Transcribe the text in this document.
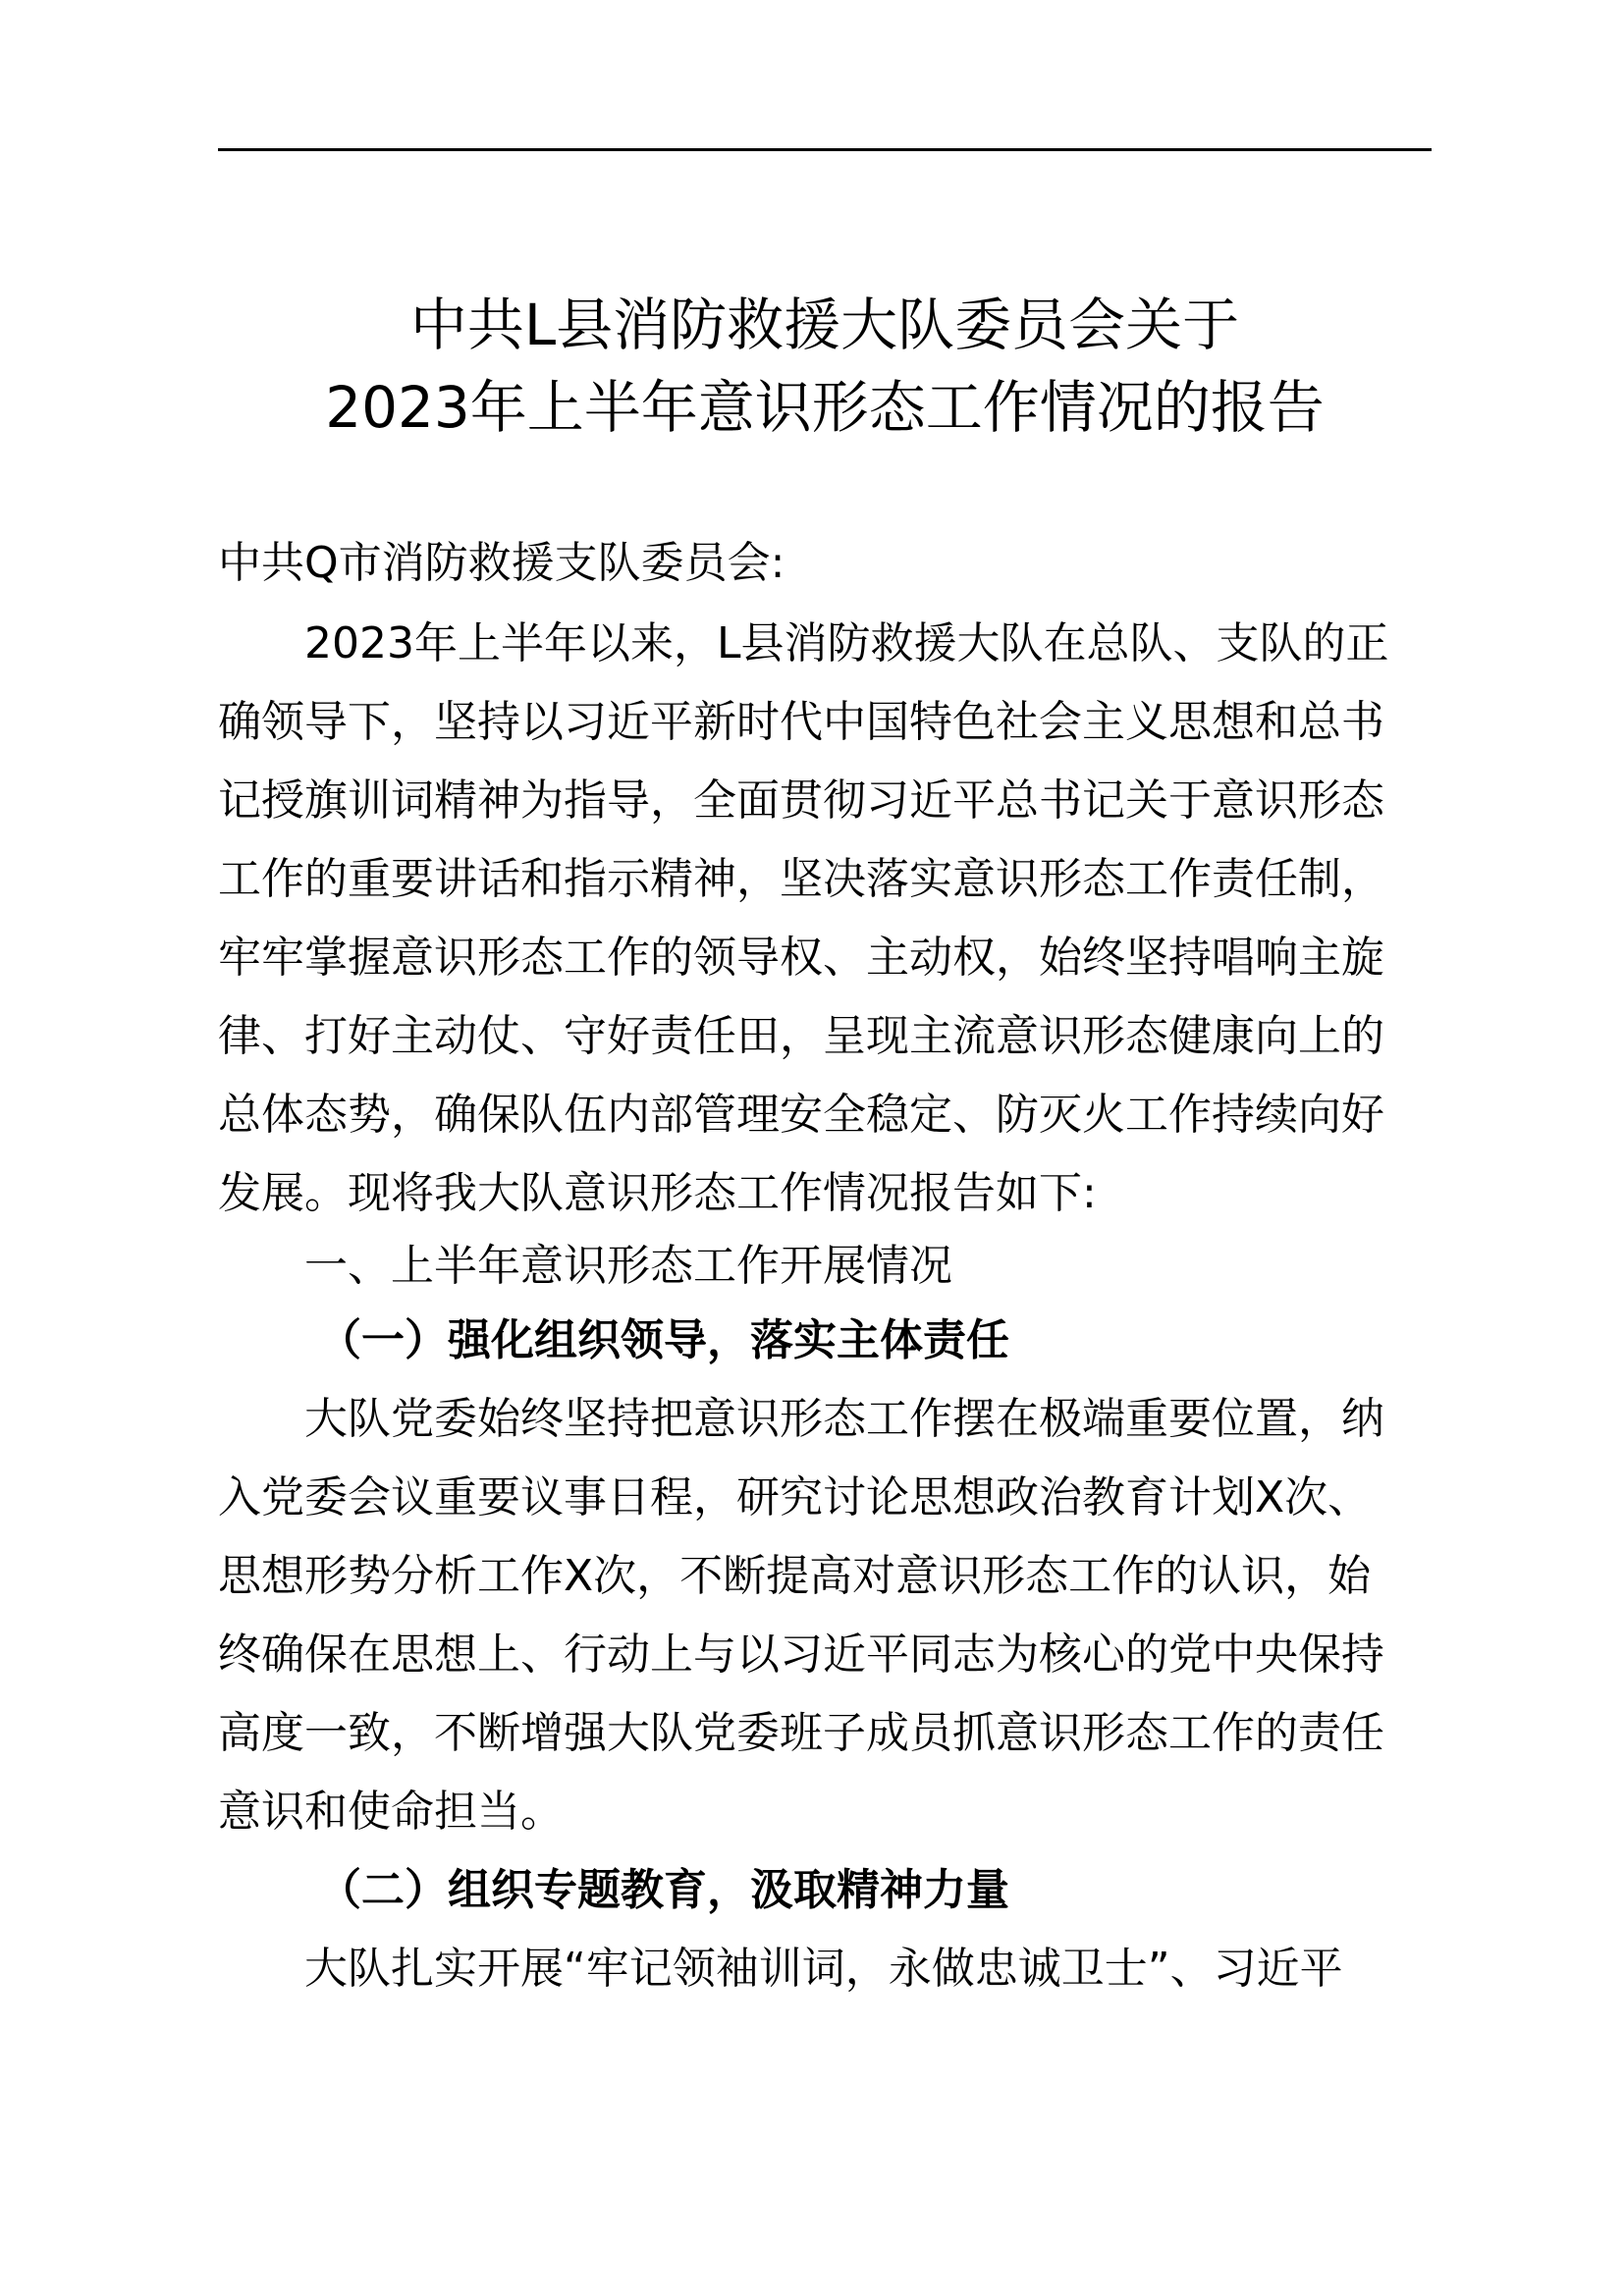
中共L县消防救援大队委员会关于
2023年上半年意识形态工作情况的报告
中共Q市消防救援支队委员会:
2023年上半年以来，L县消防救援大队在总队、支队的正
确领导下，坚持以习近平新时代中国特色社会主义思想和总书
记授旗训词精神为指导，全面贯彻习近平总书记关于意识形态
工作的重要讲话和指示精神，坚决落实意识形态工作责任制，
牢牢掌握意识形态工作的领导权、主动权，始终坚持唱响主旋
律、打好主动仗、守好责任田，呈现主流意识形态健康向上的
总体态势，确保队伍内部管理安全稳定、防灭火工作持续向好
发展。现将我大队意识形态工作情况报告如下:
一、上半年意识形态工作开展情况
（一）强化组织领导，落实主体责任
大队党委始终坚持把意识形态工作摆在极端重要位置，纳
入党委会议重要议事日程，研究讨论思想政治教育计划X次、
思想形势分析工作X次，不断提高对意识形态工作的认识，始
终确保在思想上、行动上与以习近平同志为核心的党中央保持
高度一致，不断增强大队党委班子成员抓意识形态工作的责任
意识和使命担当。
（二）组织专题教育，汲取精神力量
大队扎实开展“牢记领袖训词，永做忠诚卫士”、习近平
